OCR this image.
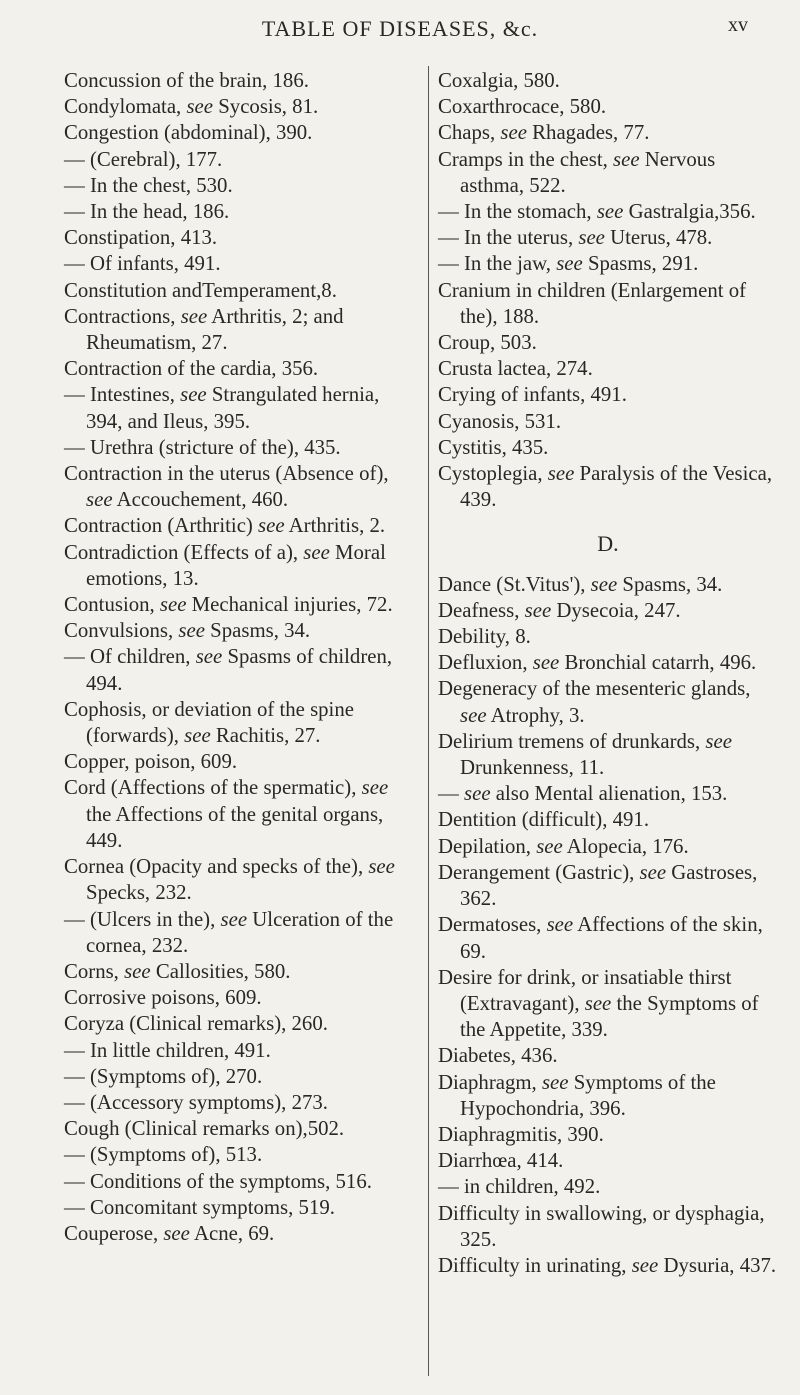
TABLE OF DISEASES, &c.	xv

Concussion of the brain, 186.

Condylomata, see Sycosis, 81.

Congestion (abdominal), 390.

— (Cerebral), 177.

— In the chest, 530.

— In the head, 186.

Constipation, 413.

— Of infants, 491.

Constitution andTemperament,8.

Contractions, see Arthritis, 2; and Rheumatism, 27.

Contraction of the cardia, 356.

— Intestines, see Strangulated hernia, 394, and Ileus, 395.

— Urethra (stricture of the), 435.

Contraction in the uterus (Absence of), see Accouchement, 460.

Contraction (Arthritic) see Arthritis, 2.

Contradiction (Effects of a), see Moral emotions, 13.

Contusion, see Mechanical injuries, 72.

Convulsions, see Spasms, 34.

— Of children, see Spasms of children, 494.

Cophosis, or deviation of the spine (forwards), see Rachitis, 27.

Copper, poison, 609.

Cord (Affections of the spermatic), see the Affections of the genital organs, 449.

Cornea (Opacity and specks of the), see Specks, 232.

— (Ulcers in the), see Ulceration of the cornea, 232.

Corns, see Callosities, 580.

Corrosive poisons, 609.

Coryza (Clinical remarks), 260.

— In little children, 491.

— (Symptoms of), 270.

— (Accessory symptoms), 273.

Cough (Clinical remarks on),502.

— (Symptoms of), 513.

— Conditions of the symptoms, 516.

— Concomitant symptoms, 519.

Couperose, see Acne, 69.

Coxalgia, 580.

Coxarthrocace, 580.

Chaps, see Rhagades, 77.

Cramps in the chest, see Nervous asthma, 522.

— In the stomach, see Gastralgia,356.

— In the uterus, see Uterus, 478.

— In the jaw, see Spasms, 291.

Cranium in children (Enlargement of the), 188.

Croup, 503.

Crusta lactea, 274.

Crying of infants, 491.

Cyanosis, 531.

Cystitis, 435.

Cystoplegia, see Paralysis of the Vesica, 439.

D.

Dance (St.Vitus'), see Spasms, 34.

Deafness, see Dysecoia, 247.

Debility, 8.

Defluxion, see Bronchial catarrh, 496.

Degeneracy of the mesenteric glands, see Atrophy, 3.

Delirium tremens of drunkards, see Drunkenness, 11.

— see also Mental alienation, 153.

Dentition (difficult), 491.

Depilation, see Alopecia, 176.

Derangement (Gastric), see Gastroses, 362.

Dermatoses, see Affections of the skin, 69.

Desire for drink, or insatiable thirst (Extravagant), see the Symptoms of the Appetite, 339.

Diabetes, 436.

Diaphragm, see Symptoms of the Hypochondria, 396.

Diaphragmitis, 390.

Diarrhœa, 414.

— in children, 492.

Difficulty in swallowing, or dysphagia, 325.

Difficulty in urinating, see Dysuria, 437.
